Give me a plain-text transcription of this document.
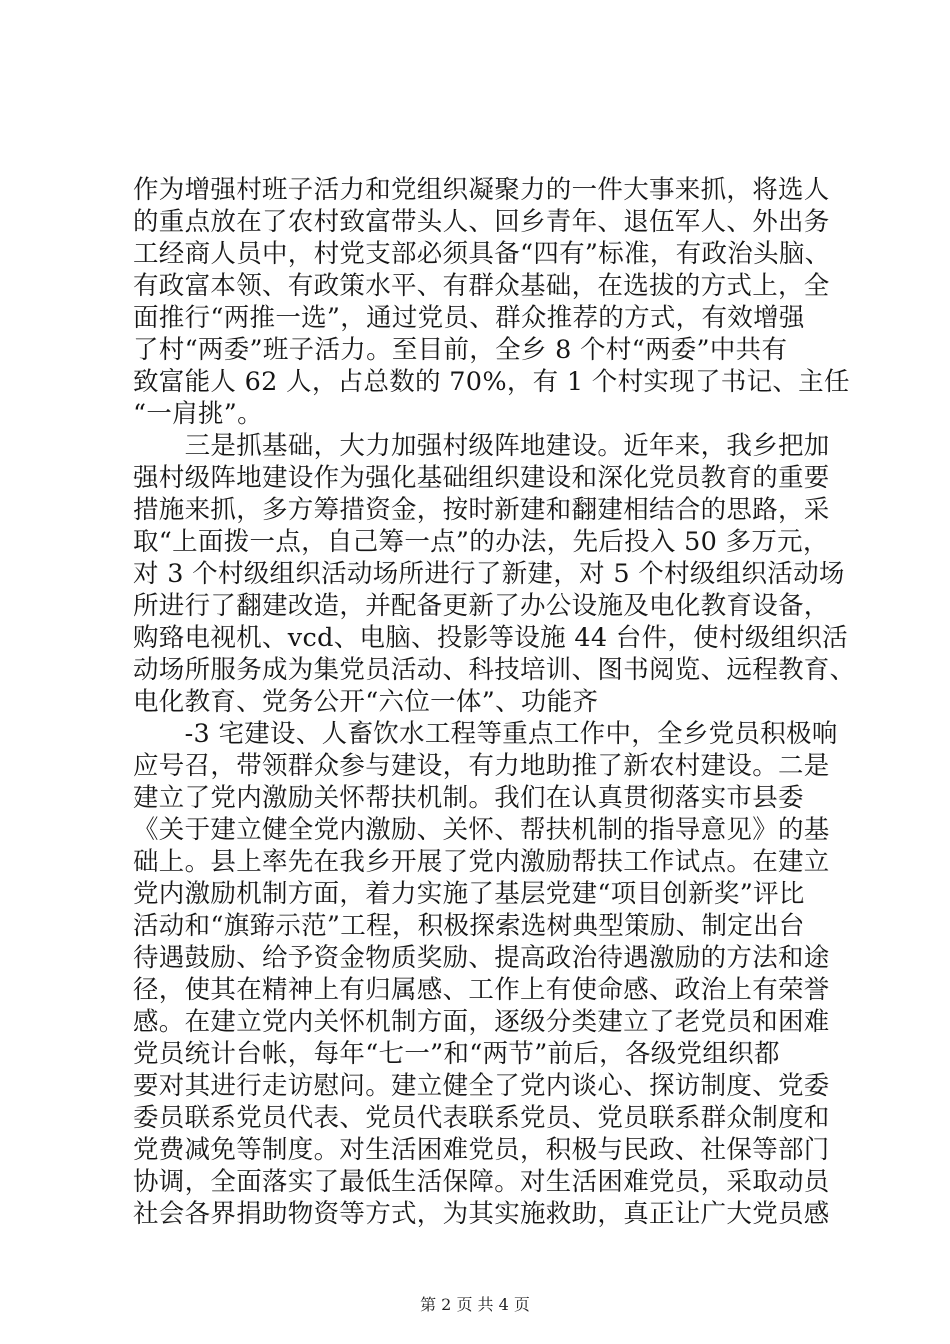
作为增强村班子活力和党组织凝聚力的一件大事来抓，将选人
的重点放在了农村致富带头人、回乡青年、退伍军人、外出务
工经商人员中，村党支部必须具备“四有”标准，有政治头脑、
有政富本领、有政策水平、有群众基础，在选拔的方式上，全
面推行“两推一选”，通过党员、群众推荐的方式，有效增强
了村“两委”班子活力。至目前，全乡 8 个村“两委”中共有
致富能人 62 人，占总数的 70%，有 1 个村实现了书记、主任
“一肩挑”。
　　三是抓基础，大力加强村级阵地建设。近年来，我乡把加
强村级阵地建设作为强化基础组织建设和深化党员教育的重要
措施来抓，多方筹措资金，按时新建和翻建相结合的思路，采
取“上面拨一点，自己筹一点”的办法，先后投入 50 多万元，
对 3 个村级组织活动场所进行了新建，对 5 个村级组织活动场
所进行了翻建改造，并配备更新了办公设施及电化教育设备，
购臵电视机、vcd、电脑、投影等设施 44 台件，使村级组织活
动场所服务成为集党员活动、科技培训、图书阅览、远程教育、
电化教育、党务公开“六位一体”、功能齐
　　-3 宅建设、人畜饮水工程等重点工作中，全乡党员积极响
应号召，带领群众参与建设，有力地助推了新农村建设。二是
建立了党内激励关怀帮扶机制。我们在认真贯彻落实市县委
《关于建立健全党内激励、关怀、帮扶机制的指导意见》的基
础上。县上率先在我乡开展了党内激励帮扶工作试点。在建立
党内激励机制方面，着力实施了基层党建“项目创新奖”评比
活动和“旗臶示范”工程，积极探索选树典型策励、制定出台
待遇鼓励、给予资金物质奖励、提高政治待遇激励的方法和途
径，使其在精神上有归属感、工作上有使命感、政治上有荣誉
感。在建立党内关怀机制方面，逐级分类建立了老党员和困难
党员统计台帐，每年“七一”和“两节”前后，各级党组织都
要对其进行走访慰问。建立健全了党内谈心、探访制度、党委
委员联系党员代表、党员代表联系党员、党员联系群众制度和
党费减免等制度。对生活困难党员，积极与民政、社保等部门
协调，全面落实了最低生活保障。对生活困难党员，采取动员
社会各界捐助物资等方式，为其实施救助，真正让广大党员感
第 2 页 共 4 页
